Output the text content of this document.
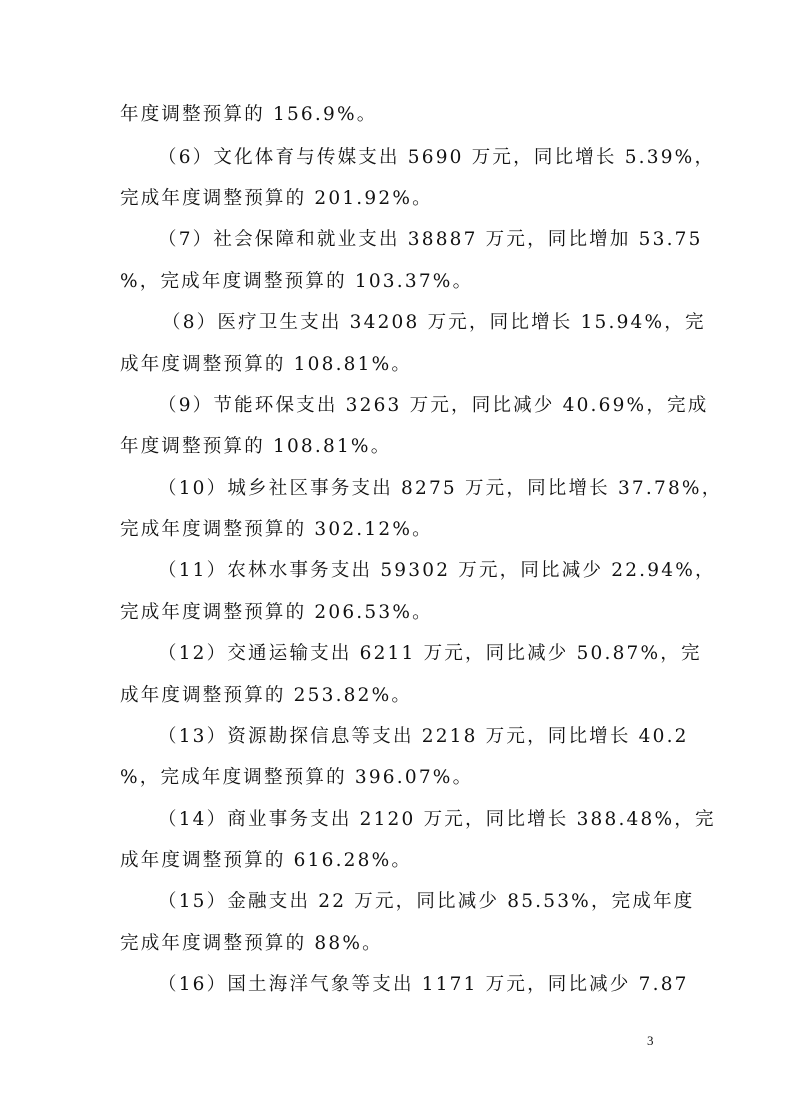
年度调整预算的 156.9%。
（6）文化体育与传媒支出 5690 万元，同比增长 5.39%，
完成年度调整预算的 201.92%。
（7）社会保障和就业支出 38887 万元，同比增加 53.75
%，完成年度调整预算的 103.37%。
（8）医疗卫生支出 34208 万元，同比增长 15.94%，完
成年度调整预算的 108.81%。
（9）节能环保支出 3263 万元，同比减少 40.69%，完成
年度调整预算的 108.81%。
（10）城乡社区事务支出 8275 万元，同比增长 37.78%，
完成年度调整预算的 302.12%。
（11）农林水事务支出 59302 万元，同比减少 22.94%，
完成年度调整预算的 206.53%。
（12）交通运输支出 6211 万元，同比减少 50.87%，完
成年度调整预算的 253.82%。
（13）资源勘探信息等支出 2218 万元，同比增长 40.2
%，完成年度调整预算的 396.07%。
（14）商业事务支出 2120 万元，同比增长 388.48%，完
成年度调整预算的 616.28%。
（15）金融支出 22 万元，同比减少 85.53%，完成年度
完成年度调整预算的 88%。
（16）国土海洋气象等支出 1171 万元，同比减少 7.87
3
